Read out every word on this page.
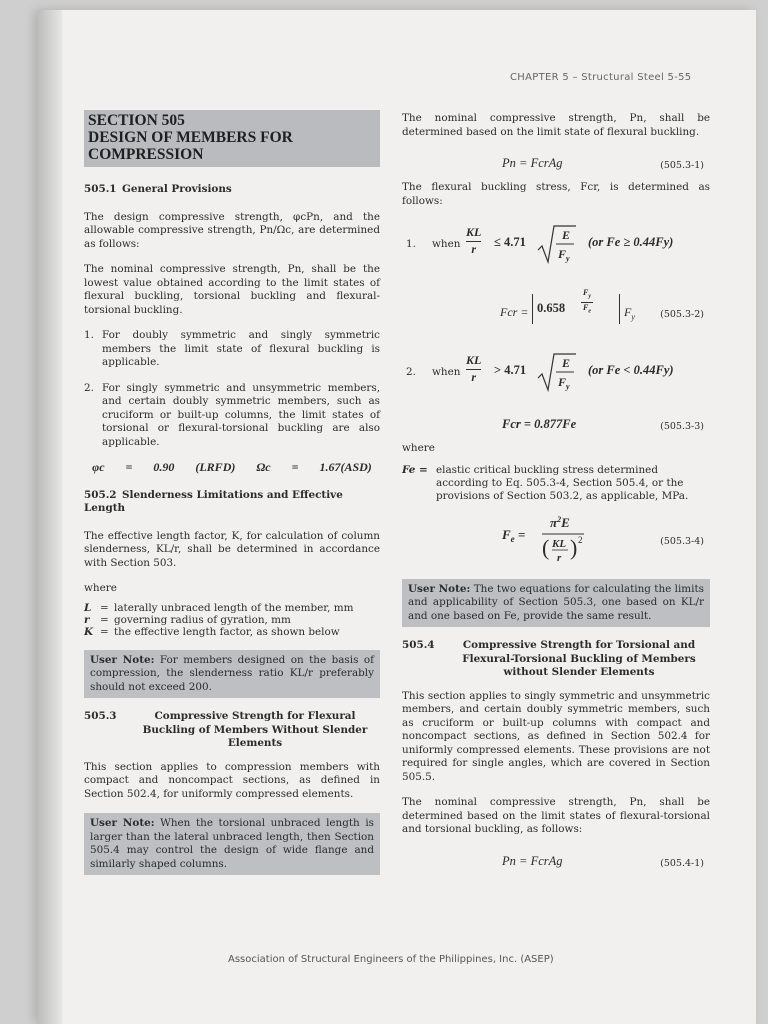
CHAPTER 5 – Structural Steel 5-55
SECTION 505
DESIGN OF MEMBERS FOR
COMPRESSION
505.1 General Provisions

The design compressive strength, φcPn, and the allowable compressive strength, Pn/Ωc, are determined as follows:

The nominal compressive strength, Pn, shall be the lowest value obtained according to the limit states of flexural buckling, torsional buckling and flexural-torsional buckling.

1. For doubly symmetric and singly symmetric members the limit state of flexural buckling is applicable.
2. For singly symmetric and unsymmetric members, and certain doubly symmetric members, such as cruciform or built-up columns, the limit states of torsional or flexural-torsional buckling are also applicable.
φc = 0.90 (LRFD) Ωc = 1.67(ASD)
505.2 Slenderness Limitations and Effective Length

The effective length factor, K, for calculation of column slenderness, KL/r, shall be determined in accordance with Section 503.

where

L = laterally unbraced length of the member, mm
r	= governing radius of gyration, mm
K = the effective length factor, as shown below
User Note: For members designed on the basis of compression, the slenderness ratio KL/r preferably should not exceed 200.
505.3	Compressive Strength for Flexural Buckling of Members Without Slender Elements

This section applies to compression members with compact and noncompact sections, as defined in Section 502.4, for uniformly compressed elements.

User Note: When the torsional unbraced length is larger than the lateral unbraced length, then Section 505.4 may control the design of wide flange and similarly shaped columns.

The nominal compressive strength, Pn, shall be determined based on the limit state of flexural buckling.

Pn = FcrAg	(505.3-1)

The flexural buckling stress, Fcr, is determined as follows:

1. when
KL
r ≤ 4.71	E
$F_y$
(or Fe ≥ 0.44Fy)
Fcr = 0.658
$F_y$
$F_e$	$F_y$	(505.3-2)
2. when
KL
r > 4.71	E
$F_y$
(or Fe < 0.44Fy)
Fcr = 0.877Fe	(505.3-3)

where

Fe = elastic critical buckling stress determined according to Eq. 505.3-4, Section 505.4, or the provisions of Section 503.2, as applicable, MPa.
$F_e$ =
$\pi^2E$
( KL
r ) 2	(505.3-4)
User Note: The two equations for calculating the limits and applicability of Section 505.3, one based on KL/r and one based on Fe, provide the same result.
505.4	Compressive Strength for Torsional and Flexural-Torsional Buckling of Members without Slender Elements

This section applies to singly symmetric and unsymmetric members, and certain doubly symmetric members, such as cruciform or built-up columns with compact and noncompact sections, as defined in Section 502.4 for uniformly compressed elements. These provisions are not required for single angles, which are covered in Section 505.5.

The nominal compressive strength, Pn, shall be determined based on the limit states of flexural-torsional and torsional buckling, as follows:

Pn = FcrAg	(505.4-1)
Association of Structural Engineers of the Philippines, Inc. (ASEP)
